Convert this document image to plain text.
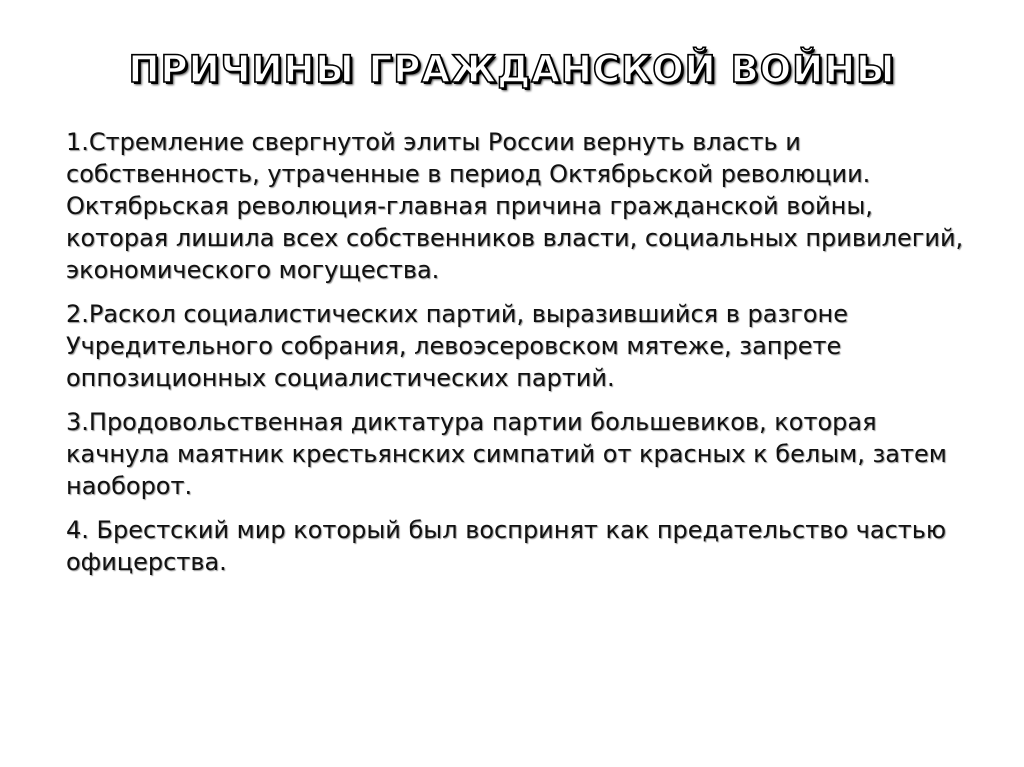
ПРИЧИНЫ ГРАЖДАНСКОЙ ВОЙНЫ

1.Стремление свергнутой элиты России вернуть власть и собственность, утраченные в период Октябрьской революции. Октябрьская революция-главная причина гражданской войны, которая лишила всех собственников власти, социальных привилегий, экономического могущества.

2.Раскол социалистических партий, выразившийся в разгоне Учредительного собрания, левоэсеровском мятеже, запрете оппозиционных социалистических партий.

3.Продовольственная диктатура партии большевиков, которая качнула маятник крестьянских симпатий от красных к белым, затем наоборот.

4. Брестский мир который был воспринят как предательство частью офицерства.
